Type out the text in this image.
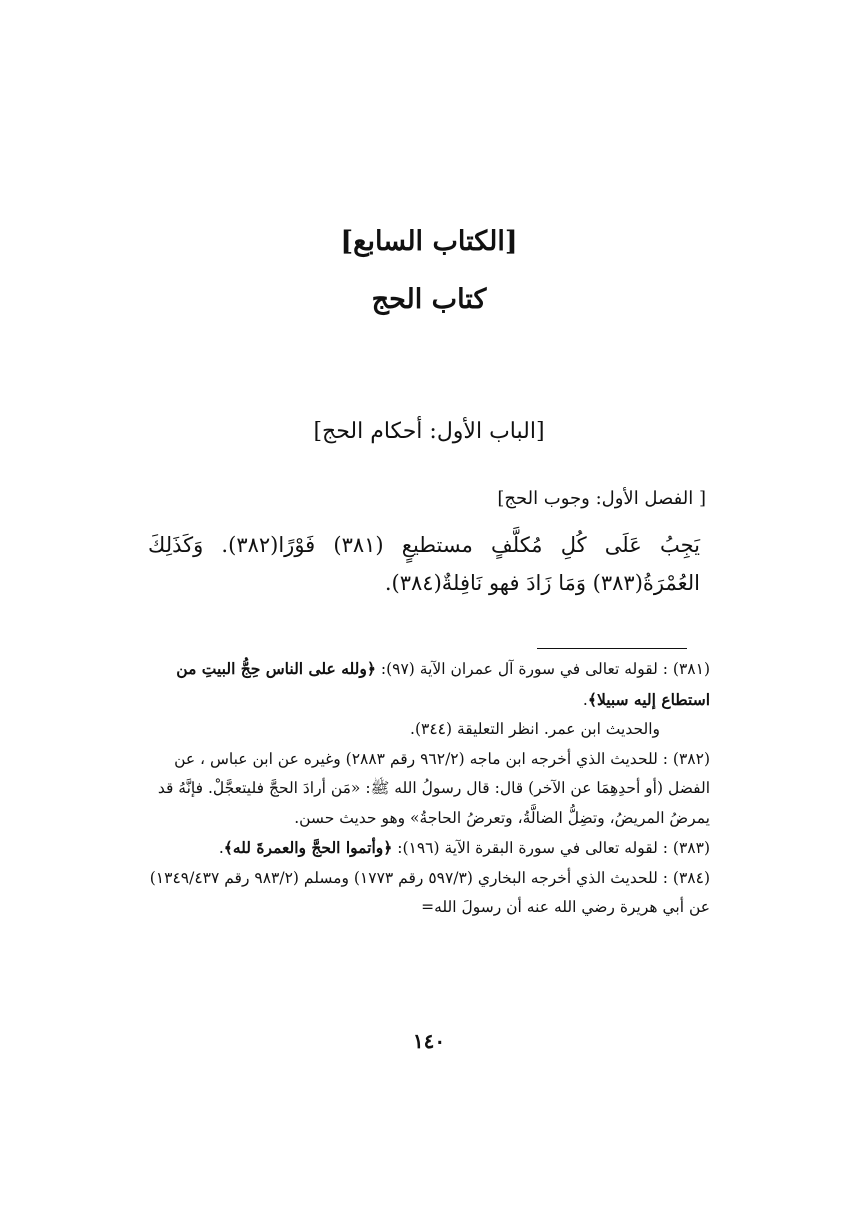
[الكتاب السابع]
كتاب الحج
[الباب الأول: أحكام الحج]
[ الفصل الأول: وجوب الحج]
يَجِبُ عَلَى كُلِ مُكلَّفٍ مستطيعٍ (٣٨١) فَوْرًا(٣٨٢). وَكَذَلِكَ العُمْرَةُ(٣٨٣) وَمَا زَادَ فهو نَافِلةٌ(٣٨٤).
(٣٨١) : لقوله تعالى في سورة آل عمران الآية (٩٧): ﴿ولله على الناس حِجُّ البيتِ من استطاع إليه سبيلا﴾.
والحديث ابن عمر. انظر التعليقة (٣٤٤).
(٣٨٢) : للحديث الذي أخرجه ابن ماجه (٩٦٢/٢ رقم ٢٨٨٣) وغيره عن ابن عباس ، عن الفضل (أو أحدِهِمَا عن الآخر) قال: قال رسولُ الله ﷺ: «مَن أرادَ الحجَّ فليتعجَّلْ. فإنَّهُ قد يمرضُ المريضُ، وتضِلُّ الضالَّةُ، وتعرضُ الحاجةُ» وهو حديث حسن.
(٣٨٣) : لقوله تعالى في سورة البقرة الآية (١٩٦): ﴿وأتموا الحجَّ والعمرةَ لله﴾.
(٣٨٤) : للحديث الذي أخرجه البخاري (٥٩٧/٣ رقم ١٧٧٣) ومسلم (٩٨٣/٢ رقم ١٣٤٩/٤٣٧) عن أبي هريرة رضي الله عنه أن رسولَ الله=
١٤٠
